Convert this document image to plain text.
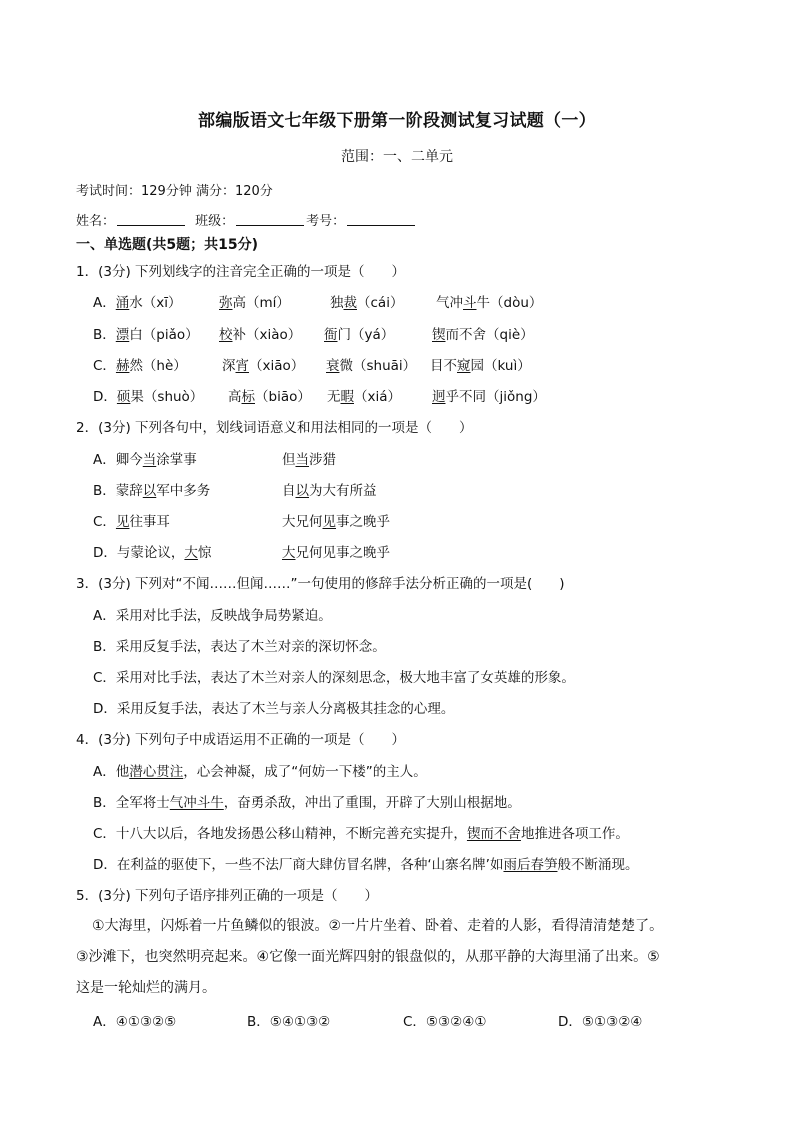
部编版语文七年级下册第一阶段测试复习试题（一）
范围：一、二单元
考试时间：129分钟 满分：120分
姓名：	班级：	考号：
一、单选题(共5题；共15分)
1．(3分) 下列划线字的注音完全正确的一项是（　　）
A．涌水（xī）	弥高（mí）	独裁（cái） 气冲斗牛（dòu）
B．漂白（piǎo） 校补（xiào） 衙门（yá）	锲而不舍（qiè）
C．赫然（hè）	深宵（xiāo） 衰微（shuāi） 目不窥园（kuì）
D．硕果（shuò） 高标（biāo） 无暇（xiá） 迥乎不同（jiǒng）
2．(3分) 下列各句中，划线词语意义和用法相同的一项是（　　）
A．卿今当涂掌事	但当涉猎
B．蒙辞以军中多务	自以为大有所益
C．见往事耳	大兄何见事之晚乎
D．与蒙论议，大惊	大兄何见事之晚乎
3．(3分) 下列对“不闻……但闻……”一句使用的修辞手法分析正确的一项是(　　)
A．采用对比手法，反映战争局势紧迫。
B．采用反复手法，表达了木兰对亲的深切怀念。
C．采用对比手法，表达了木兰对亲人的深刻思念，极大地丰富了女英雄的形象。
D．采用反复手法，表达了木兰与亲人分离极其挂念的心理。
4．(3分) 下列句子中成语运用不正确的一项是（　　）
A．他潜心贯注，心会神凝，成了“何妨一下楼”的主人。
B．全军将士气冲斗牛，奋勇杀敌，冲出了重围，开辟了大别山根据地。
C．十八大以后，各地发扬愚公移山精神，不断完善充实提升，锲而不舍地推进各项工作。
D．在利益的驱使下，一些不法厂商大肆仿冒名牌，各种‘山寨名牌’如雨后春笋般不断涌现。
5．(3分) 下列句子语序排列正确的一项是（　　）
①大海里，闪烁着一片鱼鳞似的银波。②一片片坐着、卧着、走着的人影，看得清清楚楚了。
③沙滩下，也突然明亮起来。④它像一面光辉四射的银盘似的，从那平静的大海里涌了出来。⑤
这是一轮灿烂的满月。
A．④①③②⑤	B．⑤④①③②	C．⑤③②④①	D．⑤①③②④
